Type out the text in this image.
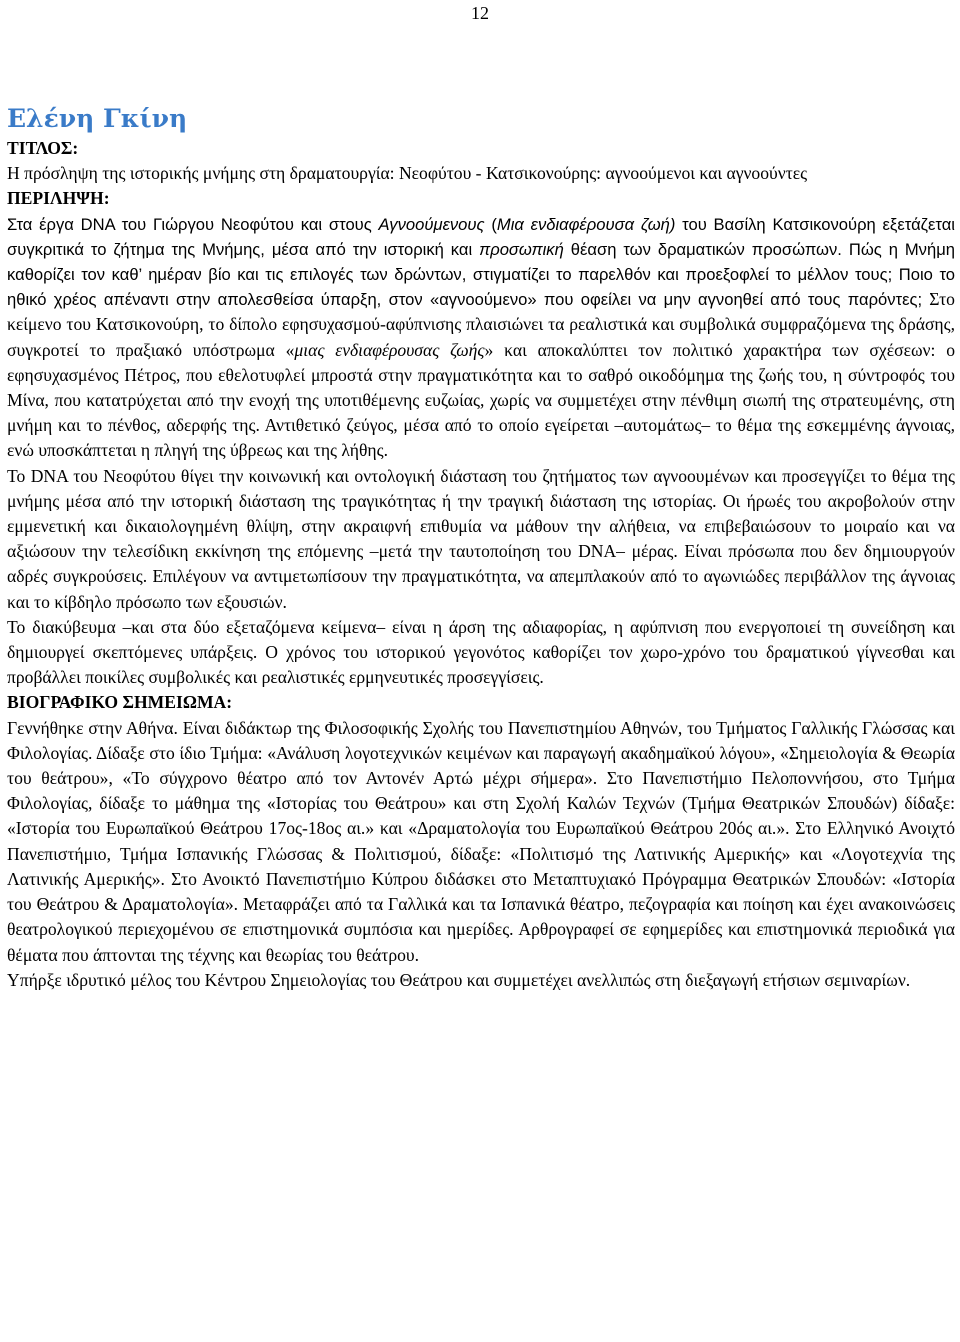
12
Ελένη Γκίνη
ΤΙΤΛΟΣ:

Η πρόσληψη της ιστορικής μνήμης στη δραματουργία: Νεοφύτου - Κατσικονούρης: αγνοούμενοι και αγνοούντες

ΠΕΡΙΛΗΨΗ:

Στα έργα DNA του Γιώργου Νεοφύτου και στους Αγνοούμενους (Μια ενδιαφέρουσα ζωή) του Βασίλη Κατσικονούρη εξετάζεται συγκριτικά το ζήτημα της Μνήμης, μέσα από την ιστορική και προσωπική θέαση των δραματικών προσώπων. Πώς η Μνήμη καθορίζει τον καθ’ ημέραν βίο και τις επιλογές των δρώντων, στιγματίζει το παρελθόν και προεξοφλεί το μέλλον τους; Ποιο το ηθικό χρέος απέναντι στην απολεσθείσα ύπαρξη, στον «αγνοούμενο» που οφείλει να μην αγνοηθεί από τους παρόντες; Στο κείμενο του Κατσικονούρη, το δίπολο εφησυχασμού-αφύπνισης πλαισιώνει τα ρεαλιστικά και συμβολικά συμφραζόμενα της δράσης, συγκροτεί το πραξιακό υπόστρωμα «μιας ενδιαφέρουσας ζωής» και αποκαλύπτει τον πολιτικό χαρακτήρα των σχέσεων: ο εφησυχασμένος Πέτρος, που εθελοτυφλεί μπροστά στην πραγματικότητα και το σαθρό οικοδόμημα της ζωής του, η σύντροφός του Μίνα, που κατατρύχεται από την ενοχή της υποτιθέμενης ευζωίας, χωρίς να συμμετέχει στην πένθιμη σιωπή της στρατευμένης, στη μνήμη και το πένθος, αδερφής της. Αντιθετικό ζεύγος, μέσα από το οποίο εγείρεται –αυτομάτως– το θέμα της εσκεμμένης άγνοιας, ενώ υποσκάπτεται η πληγή της ύβρεως και της λήθης.

Το DNA του Νεοφύτου θίγει την κοινωνική και οντολογική διάσταση του ζητήματος των αγνοουμένων και προσεγγίζει το θέμα της μνήμης μέσα από την ιστορική διάσταση της τραγικότητας ή την τραγική διάσταση της ιστορίας. Οι ήρωές του ακροβολούν στην εμμενετική και δικαιολογημένη θλίψη, στην ακραιφνή επιθυμία να μάθουν την αλήθεια, να επιβεβαιώσουν το μοιραίο και να αξιώσουν την τελεσίδικη εκκίνηση της επόμενης –μετά την ταυτοποίηση του DNA– μέρας. Είναι πρόσωπα που δεν δημιουργούν αδρές συγκρούσεις. Επιλέγουν να αντιμετωπίσουν την πραγματικότητα, να απεμπλακούν από το αγωνιώδες περιβάλλον της άγνοιας και το κίβδηλο πρόσωπο των εξουσιών.

Το διακύβευμα –και στα δύο εξεταζόμενα κείμενα– είναι η άρση της αδιαφορίας, η αφύπνιση που ενεργοποιεί τη συνείδηση και δημιουργεί σκεπτόμενες υπάρξεις. Ο χρόνος του ιστορικού γεγονότος καθορίζει τον χωρο-χρόνο του δραματικού γίγνεσθαι και προβάλλει ποικίλες συμβολικές και ρεαλιστικές ερμηνευτικές προσεγγίσεις.

ΒΙΟΓΡΑΦΙΚΟ ΣΗΜΕΙΩΜΑ:

Γεννήθηκε στην Αθήνα. Είναι διδάκτωρ της Φιλοσοφικής Σχολής του Πανεπιστημίου Αθηνών, του Τμήματος Γαλλικής Γλώσσας και Φιλολογίας. Δίδαξε στο ίδιο Τμήμα: «Ανάλυση λογοτεχνικών κειμένων και παραγωγή ακαδημαϊκού λόγου», «Σημειολογία & Θεωρία του θεάτρου», «Το σύγχρονο θέατρο από τον Αντονέν Αρτώ μέχρι σήμερα». Στο Πανεπιστήμιο Πελοποννήσου, στο Τμήμα Φιλολογίας, δίδαξε το μάθημα της «Ιστορίας του Θεάτρου» και στη Σχολή Καλών Τεχνών (Τμήμα Θεατρικών Σπουδών) δίδαξε: «Ιστορία του Ευρωπαϊκού Θεάτρου 17ος-18ος αι.» και «Δραματολογία του Ευρωπαϊκού Θεάτρου 20ός αι.». Στο Ελληνικό Ανοιχτό Πανεπιστήμιο, Τμήμα Ισπανικής Γλώσσας & Πολιτισμού, δίδαξε: «Πολιτισμό της Λατινικής Αμερικής» και «Λογοτεχνία της Λατινικής Αμερικής». Στο Ανοικτό Πανεπιστήμιο Κύπρου διδάσκει στο Μεταπτυχιακό Πρόγραμμα Θεατρικών Σπουδών: «Ιστορία του Θεάτρου & Δραματολογία». Μεταφράζει από τα Γαλλικά και τα Ισπανικά θέατρο, πεζογραφία και ποίηση και έχει ανακοινώσεις θεατρολογικού περιεχομένου σε επιστημονικά συμπόσια και ημερίδες. Αρθρογραφεί σε εφημερίδες και επιστημονικά περιοδικά για θέματα που άπτονται της τέχνης και θεωρίας του θεάτρου.

Υπήρξε ιδρυτικό μέλος του Κέντρου Σημειολογίας του Θεάτρου και συμμετέχει ανελλιπώς στη διεξαγωγή ετήσιων σεμιναρίων.
